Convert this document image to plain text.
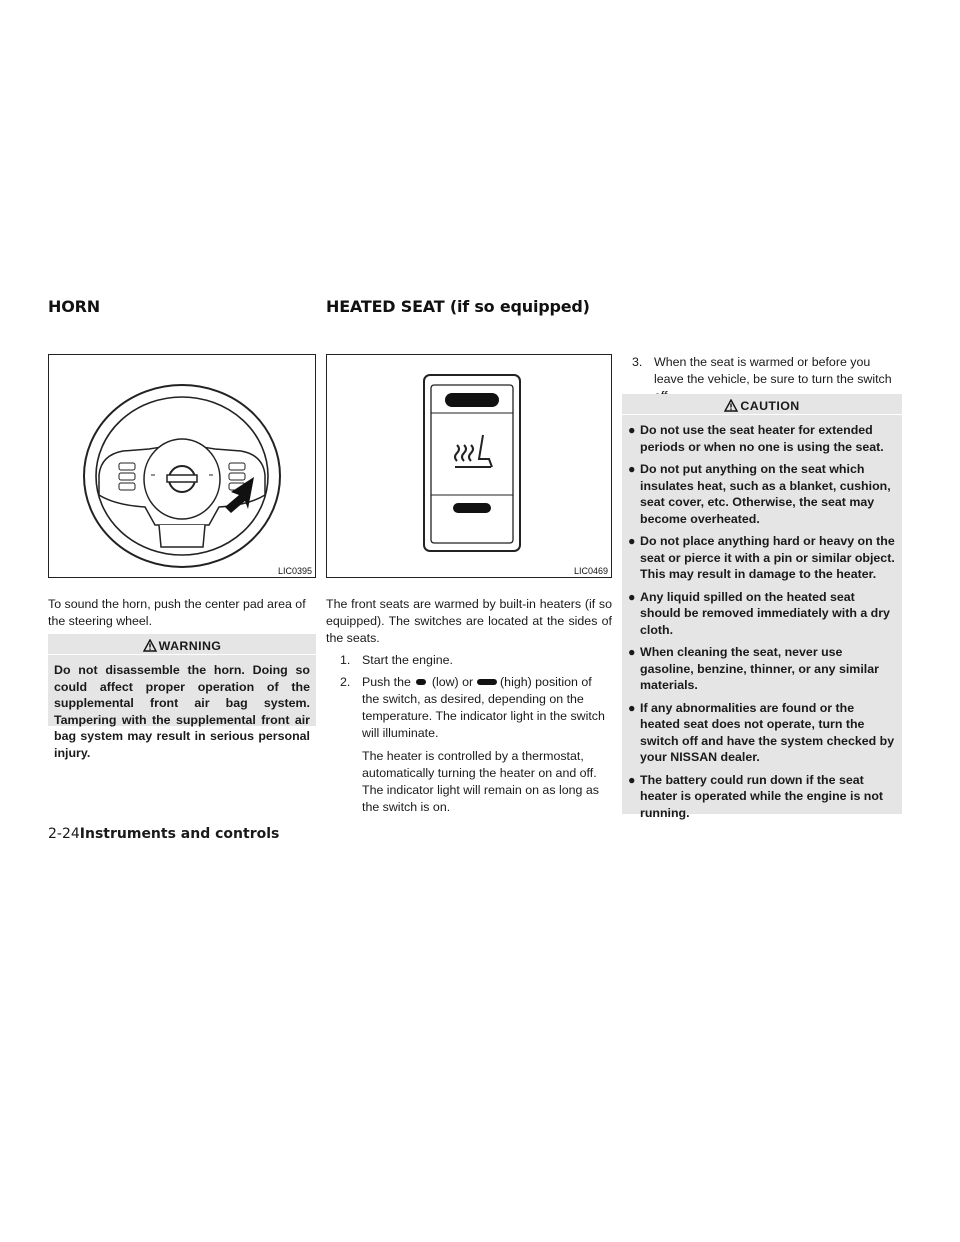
HORN	HEATED SEAT (if so equipped)
LIC0395	LIC0469
To sound the horn, push the center pad area of the steering wheel.
WARNING
Do not disassemble the horn. Doing so could affect proper operation of the supplemental front air bag system. Tampering with the supplemental front air bag system may result in serious personal injury.
The front seats are warmed by built-in heaters (if so equipped). The switches are located at the sides of the seats.
1. Start the engine.
2. Push the (low) or (high) position of the switch, as desired, depending on the temperature. The indicator light in the switch will illuminate.
The heater is controlled by a thermostat, automatically turning the heater on and off. The indicator light will remain on as long as the switch is on.
3. When the seat is warmed or before you leave the vehicle, be sure to turn the switch
CAUTION
● Do not use the seat heater for extended periods or when no one is using the seat.
● Do not put anything on the seat which insulates heat, such as a blanket, cushion, seat cover, etc. Otherwise, the seat may become overheated.
● Do not place anything hard or heavy on the seat or pierce it with a pin or similar object. This may result in damage to the heater.
● Any liquid spilled on the heated seat should be removed immediately with a dry cloth.
● When cleaning the seat, never use gasoline, benzine, thinner, or any similar materials.
● If any abnormalities are found or the heated seat does not operate, turn the switch off and have the system checked by your NISSAN dealer.
● The battery could run down if the seat heater is operated while the engine is not running.
2-24Instruments and controls
